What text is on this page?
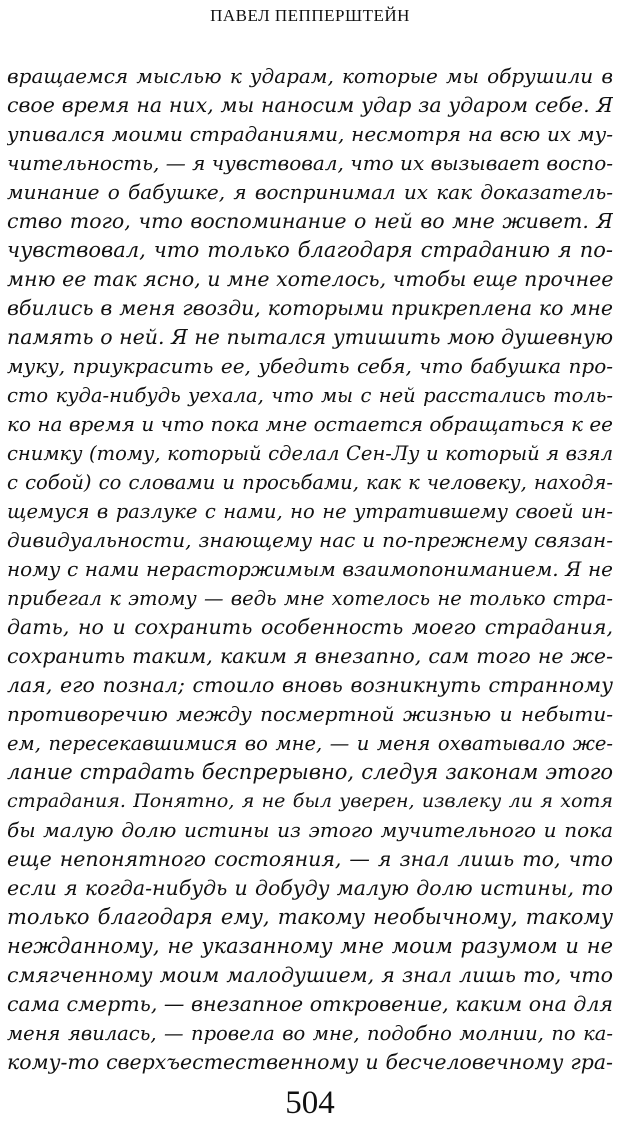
ПАВЕЛ ПЕППЕРШТЕЙН
вращаемся мыслью к ударам, которые мы обрушили в
свое время на них, мы наносим удар за ударом себе. Я
упивался моими страданиями, несмотря на всю их му-
чительность, — я чувствовал, что их вызывает воспо-
минание о бабушке, я воспринимал их как доказатель-
ство того, что воспоминание о ней во мне живет. Я
чувствовал, что только благодаря страданию я по-
мню ее так ясно, и мне хотелось, чтобы еще прочнее
вбились в меня гвозди, которыми прикреплена ко мне
память о ней. Я не пытался утишить мою душевную
муку, приукрасить ее, убедить себя, что бабушка про-
сто куда-нибудь уехала, что мы с ней расстались толь-
ко на время и что пока мне остается обращаться к ее
снимку (тому, который сделал Сен-Лу и который я взял
с собой) со словами и просьбами, как к человеку, находя-
щемуся в разлуке с нами, но не утратившему своей ин-
дивидуальности, знающему нас и по-прежнему связан-
ному с нами нерасторжимым взаимопониманием. Я не
прибегал к этому — ведь мне хотелось не только стра-
дать, но и сохранить особенность моего страдания,
сохранить таким, каким я внезапно, сам того не же-
лая, его познал; стоило вновь возникнуть странному
противоречию между посмертной жизнью и небыти-
ем, пересекавшимися во мне, — и меня охватывало же-
лание страдать беспрерывно, следуя законам этого
страдания. Понятно, я не был уверен, извлеку ли я хотя
бы малую долю истины из этого мучительного и пока
еще непонятного состояния, — я знал лишь то, что
если я когда-нибудь и добуду малую долю истины, то
только благодаря ему, такому необычному, такому
нежданному, не указанному мне моим разумом и не
смягченному моим малодушием, я знал лишь то, что
сама смерть, — внезапное откровение, каким она для
меня явилась, — провела во мне, подобно молнии, по ка-
кому-то сверхъестественному и бесчеловечному гра-
504
